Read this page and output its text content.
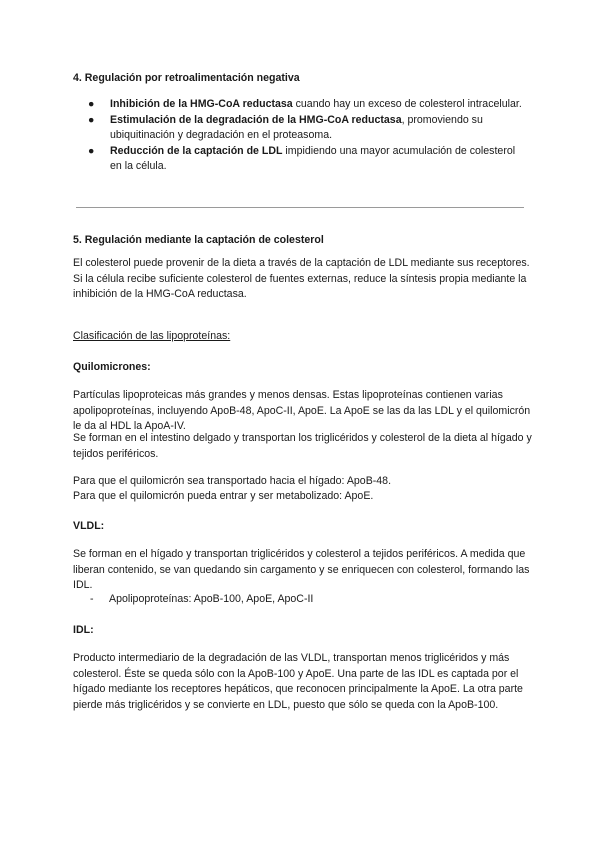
4. Regulación por retroalimentación negativa

● Inhibición de la HMG-CoA reductasa cuando hay un exceso de colesterol intracelular.
● Estimulación de la degradación de la HMG-CoA reductasa, promoviendo su ubiquitinación y degradación en el proteasoma.
● Reducción de la captación de LDL impidiendo una mayor acumulación de colesterol en la célula.

5. Regulación mediante la captación de colesterol

El colesterol puede provenir de la dieta a través de la captación de LDL mediante sus receptores. Si la célula recibe suficiente colesterol de fuentes externas, reduce la síntesis propia mediante la inhibición de la HMG-CoA reductasa.

Clasificación de las lipoproteínas:

Quilomicrones:

Partículas lipoproteicas más grandes y menos densas. Estas lipoproteínas contienen varias apolipoproteínas, incluyendo ApoB-48, ApoC-II, ApoE. La ApoE se las da las LDL y el quilomicrón le da al HDL la ApoA-IV.

Se forman en el intestino delgado y transportan los triglicéridos y colesterol de la dieta al hígado y tejidos periféricos.

Para que el quilomicrón sea transportado hacia el hígado: ApoB-48.

Para que el quilomicrón pueda entrar y ser metabolizado: ApoE.

VLDL:

Se forman en el hígado y transportan triglicéridos y colesterol a tejidos periféricos. A medida que liberan contenido, se van quedando sin cargamento y se enriquecen con colesterol, formando las IDL.

- Apolipoproteínas: ApoB-100, ApoE, ApoC-II

IDL:

Producto intermediario de la degradación de las VLDL, transportan menos triglicéridos y más colesterol. Éste se queda sólo con la ApoB-100 y ApoE. Una parte de las IDL es captada por el hígado mediante los receptores hepáticos, que reconocen principalmente la ApoE. La otra parte pierde más triglicéridos y se convierte en LDL, puesto que sólo se queda con la ApoB-100.
